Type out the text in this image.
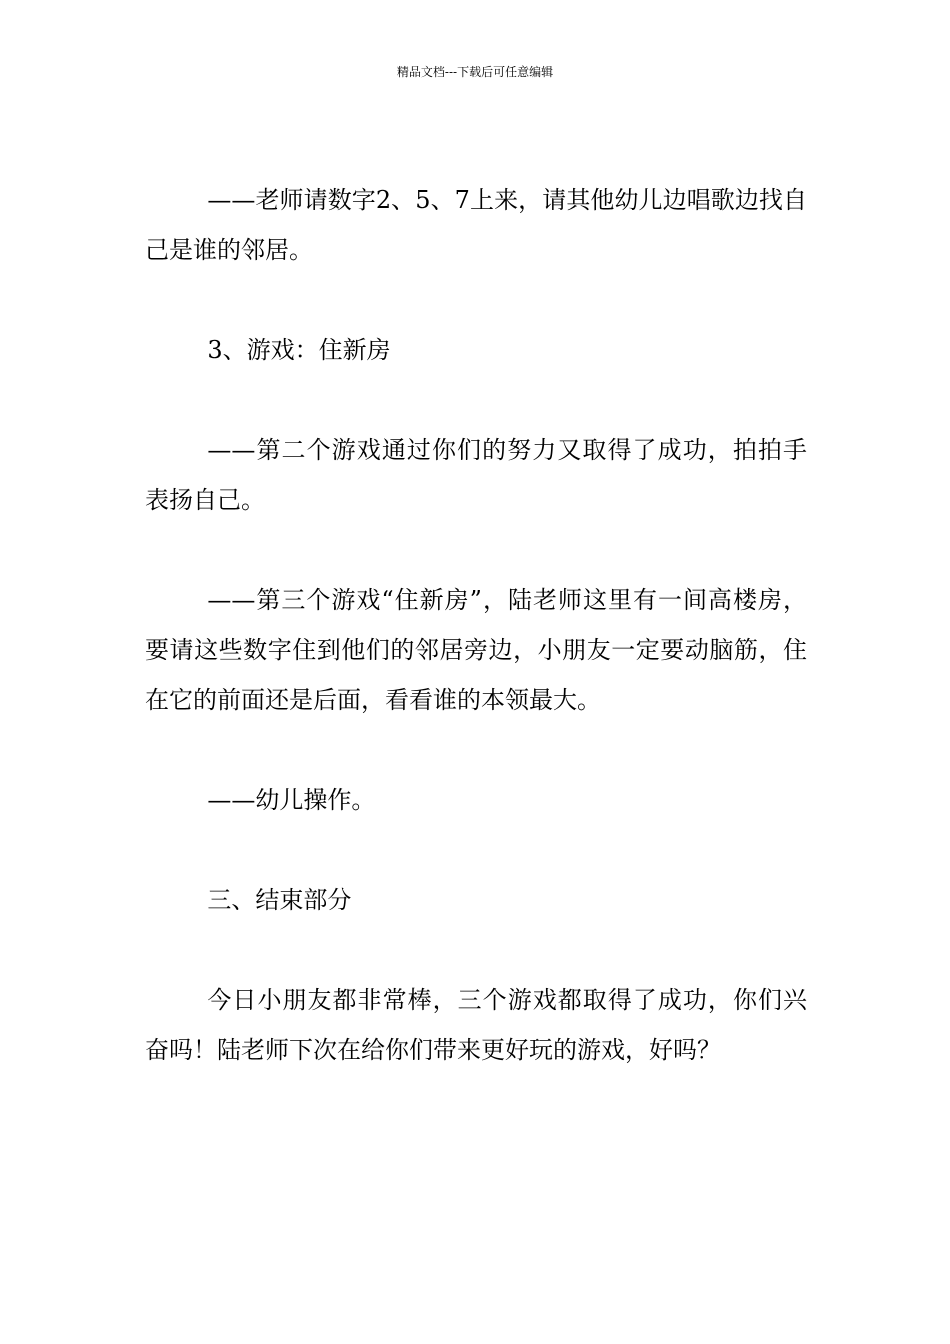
精品文档---下载后可任意编辑

——老师请数字2、5、7上来，请其他幼儿边唱歌边找自己是谁的邻居。

3、游戏：住新房

——第二个游戏通过你们的努力又取得了成功，拍拍手表扬自己。

——第三个游戏“住新房”，陆老师这里有一间高楼房，要请这些数字住到他们的邻居旁边，小朋友一定要动脑筋，住在它的前面还是后面，看看谁的本领最大。

——幼儿操作。

三、结束部分

今日小朋友都非常棒，三个游戏都取得了成功，你们兴奋吗！陆老师下次在给你们带来更好玩的游戏，好吗？
